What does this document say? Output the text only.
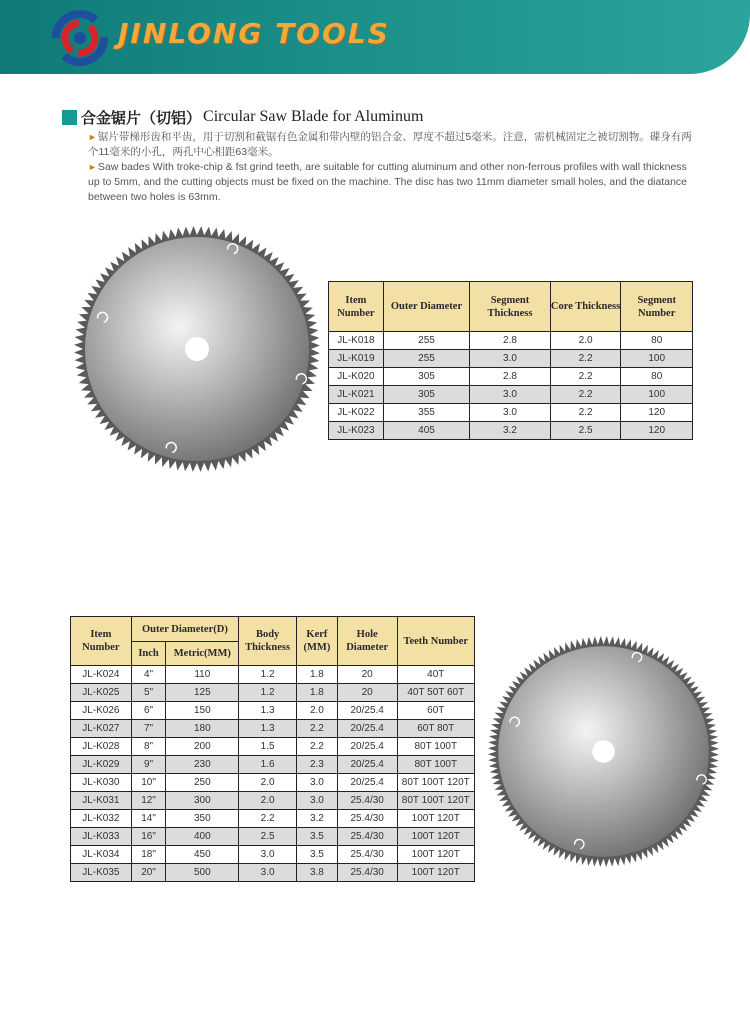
JINLONG TOOLS
合金锯片（切铝） Circular Saw Blade for Aluminum
►锯片带梯形齿和平齿，用于切割和截锯有色金属和带内壁的铝合金、厚度不超过5毫米。注意，需机械固定之被切割物。碟身有两个11毫米的小孔，两孔中心相距63毫米。
►Saw bades With troke-chip & fst grind teeth, are suitable for cutting aluminum and other non-ferrous profiles with wall thickness up to 5mm, and the cutting objects must be fixed on the machine. The disc has two 11mm diameter small holes, and the diatance between two holes is 63mm.
Item Number	Outer Diameter	Segment Thickness	Core Thickness	Segment Number
JL-K018	255	2.8	2.0	80
JL-K019	255	3.0	2.2	100
JL-K020	305	2.8	2.2	80
JL-K021	305	3.0	2.2	100
JL-K022	355	3.0	2.2	120
JL-K023	405	3.2	2.5	120
Item Number	Outer Diameter(D)		Body Thickness	Kerf (MM)	Hole Diameter	Teeth Number
	Inch	Metric(MM)				
JL-K024	4"	110	1.2	1.8	20	40T
JL-K025	5"	125	1.2	1.8	20	40T 50T 60T
JL-K026	6"	150	1.3	2.0	20/25.4	60T
JL-K027	7"	180	1.3	2.2	20/25.4	60T 80T
JL-K028	8"	200	1.5	2.2	20/25.4	80T 100T
JL-K029	9"	230	1.6	2.3	20/25.4	80T 100T
JL-K030	10"	250	2.0	3.0	20/25.4	80T 100T 120T
JL-K031	12"	300	2.0	3.0	25.4/30	80T 100T 120T
JL-K032	14"	350	2.2	3.2	25.4/30	100T 120T
JL-K033	16"	400	2.5	3.5	25.4/30	100T 120T
JL-K034	18"	450	3.0	3.5	25.4/30	100T 120T
JL-K035	20"	500	3.0	3.8	25.4/30	100T 120T
